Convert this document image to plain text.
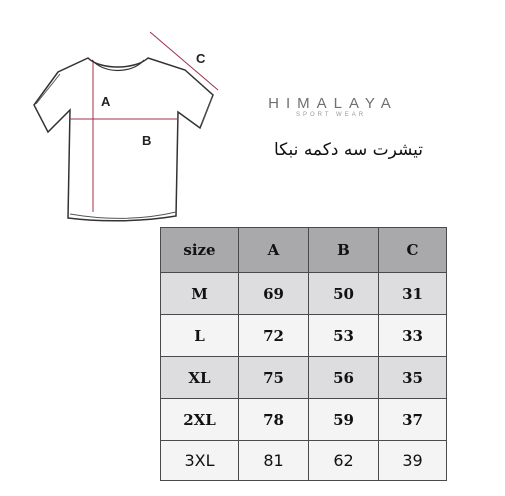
A
B
C
HIMALAYA
SPORT WEAR
تیشرت سه دکمه نبکا
size	A	B	C
M	69	50	31
L	72	53	33
XL	75	56	35
2XL	78	59	37
3XL	81	62	39
